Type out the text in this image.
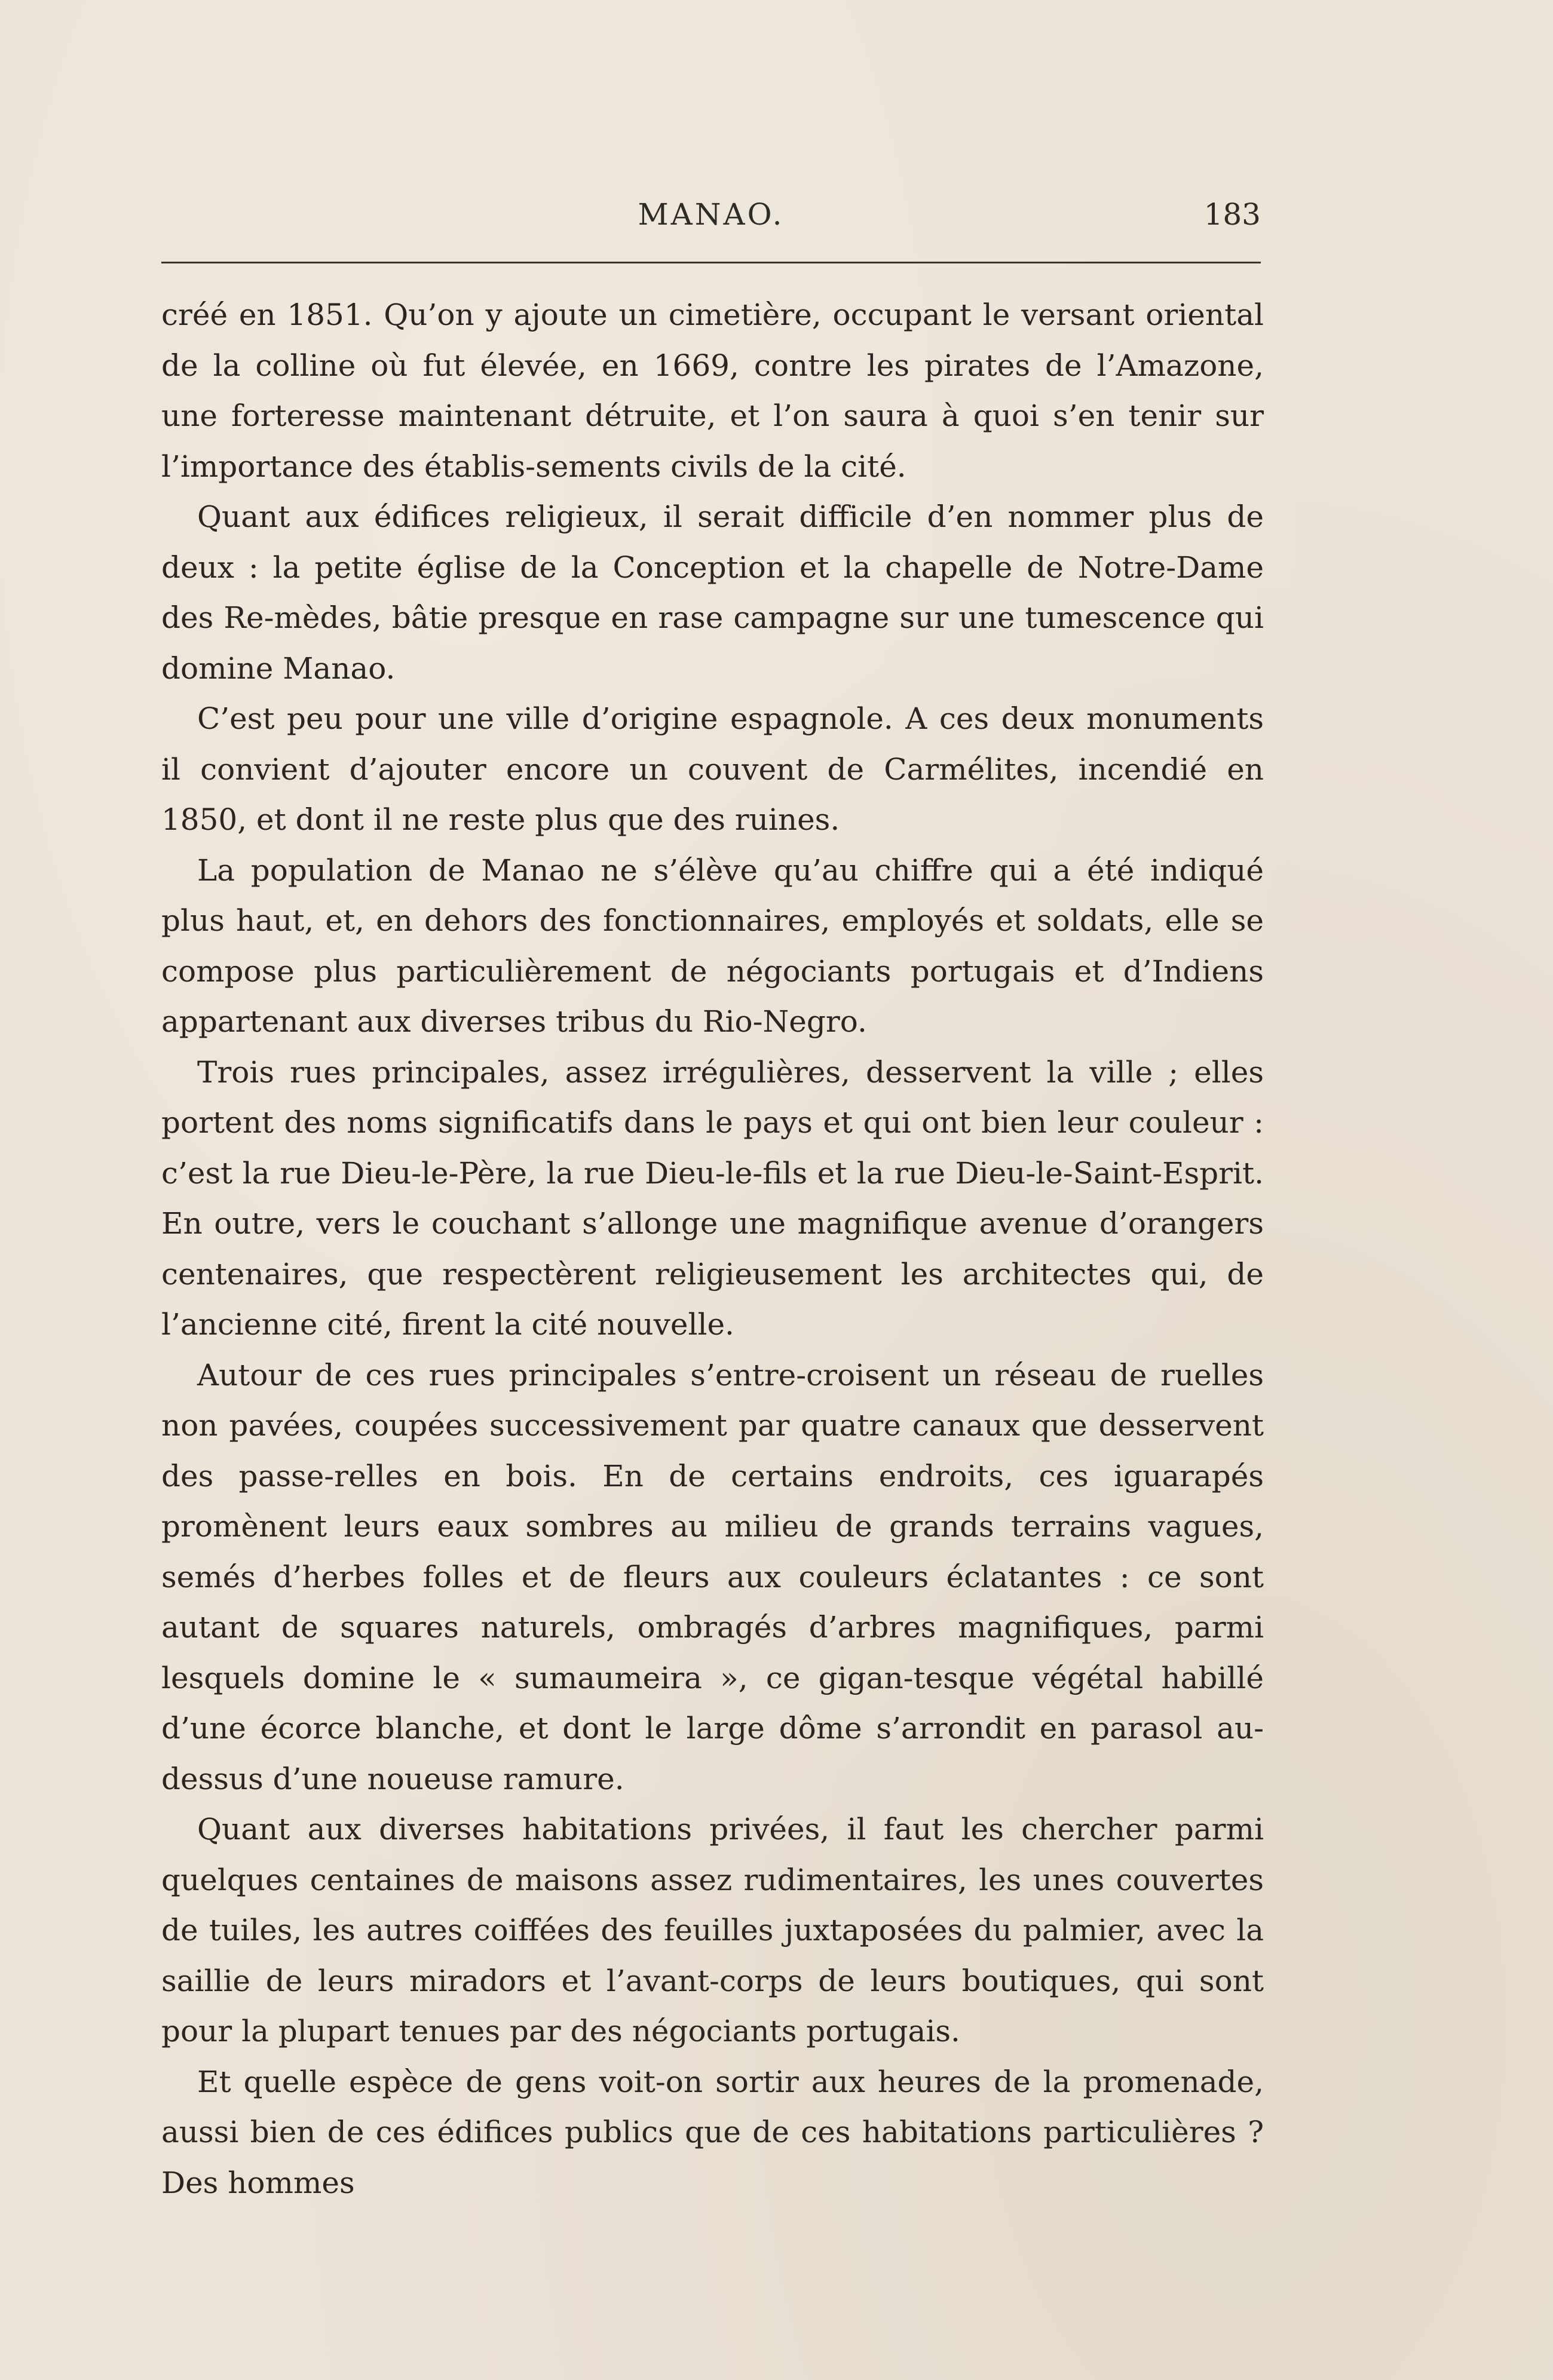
MANAO.	183

créé en 1851. Qu’on y ajoute un cimetière, occupant le versant oriental de la colline où fut élevée, en 1669, contre les pirates de l’Amazone, une forteresse maintenant détruite, et l’on saura à quoi s’en tenir sur l’importance des établis-sements civils de la cité.

Quant aux édifices religieux, il serait difficile d’en nommer plus de deux : la petite église de la Conception et la chapelle de Notre-Dame des Re-mèdes, bâtie presque en rase campagne sur une tumescence qui domine Manao.

C’est peu pour une ville d’origine espagnole. A ces deux monuments il convient d’ajouter encore un couvent de Carmélites, incendié en 1850, et dont il ne reste plus que des ruines.

La population de Manao ne s’élève qu’au chiffre qui a été indiqué plus haut, et, en dehors des fonctionnaires, employés et soldats, elle se compose plus particulièrement de négociants portugais et d’Indiens appartenant aux diverses tribus du Rio-Negro.

Trois rues principales, assez irrégulières, desservent la ville ; elles portent des noms significatifs dans le pays et qui ont bien leur couleur : c’est la rue Dieu-le-Père, la rue Dieu-le-fils et la rue Dieu-le-Saint-Esprit. En outre, vers le couchant s’allonge une magnifique avenue d’orangers centenaires, que respectèrent religieusement les architectes qui, de l’ancienne cité, firent la cité nouvelle.

Autour de ces rues principales s’entre-croisent un réseau de ruelles non pavées, coupées successivement par quatre canaux que desservent des passe-relles en bois. En de certains endroits, ces iguarapés promènent leurs eaux sombres au milieu de grands terrains vagues, semés d’herbes folles et de fleurs aux couleurs éclatantes : ce sont autant de squares naturels, ombragés d’arbres magnifiques, parmi lesquels domine le « sumaumeira », ce gigan-tesque végétal habillé d’une écorce blanche, et dont le large dôme s’arrondit en parasol au-dessus d’une noueuse ramure.

Quant aux diverses habitations privées, il faut les chercher parmi quelques centaines de maisons assez rudimentaires, les unes couvertes de tuiles, les autres coiffées des feuilles juxtaposées du palmier, avec la saillie de leurs miradors et l’avant-corps de leurs boutiques, qui sont pour la plupart tenues par des négociants portugais.

Et quelle espèce de gens voit-on sortir aux heures de la promenade, aussi bien de ces édifices publics que de ces habitations particulières ? Des hommes
